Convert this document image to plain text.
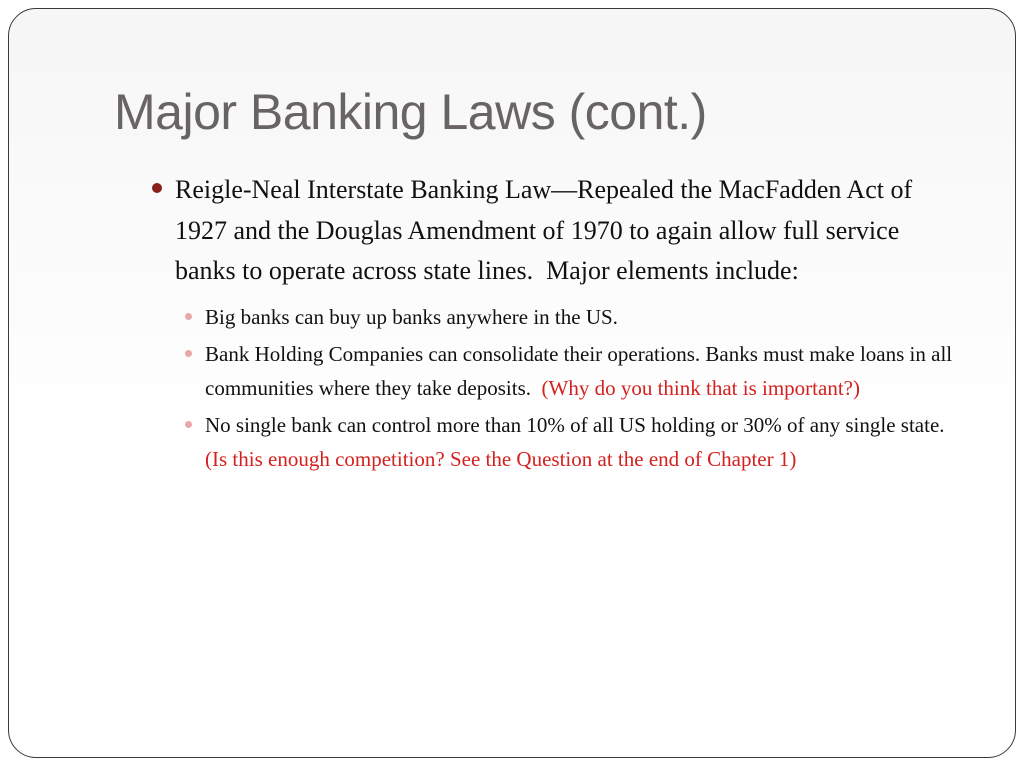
Major Banking Laws (cont.)
Reigle-Neal Interstate Banking Law—Repealed the MacFadden Act of 1927 and the Douglas Amendment of 1970 to again allow full service banks to operate across state lines.  Major elements include:
Big banks can buy up banks anywhere in the US.
Bank Holding Companies can consolidate their operations. Banks must make loans in all communities where they take deposits.  (Why do you think that is important?)
No single bank can control more than 10% of all US holding or 30% of any single state.  (Is this enough competition? See the Question at the end of Chapter 1)
